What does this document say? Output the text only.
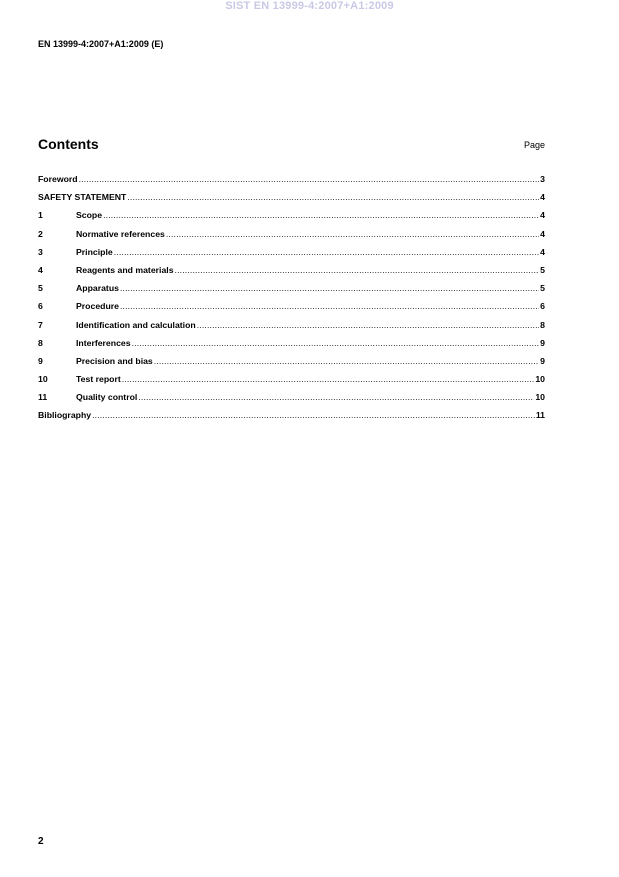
SIST EN 13999-4:2007+A1:2009
EN 13999-4:2007+A1:2009 (E)
Contents	Page
Foreword .....	3
SAFETY STATEMENT .....	4
1	Scope .....	4
2	Normative references .....	4
3	Principle .....	4
4	Reagents and materials .....	5
5	Apparatus .....	5
6	Procedure .....	6
7	Identification and calculation .....	8
8	Interferences .....	9
9	Precision and bias .....	9
10	Test report .....	10
11	Quality control .....	10
Bibliography .....	11
2
